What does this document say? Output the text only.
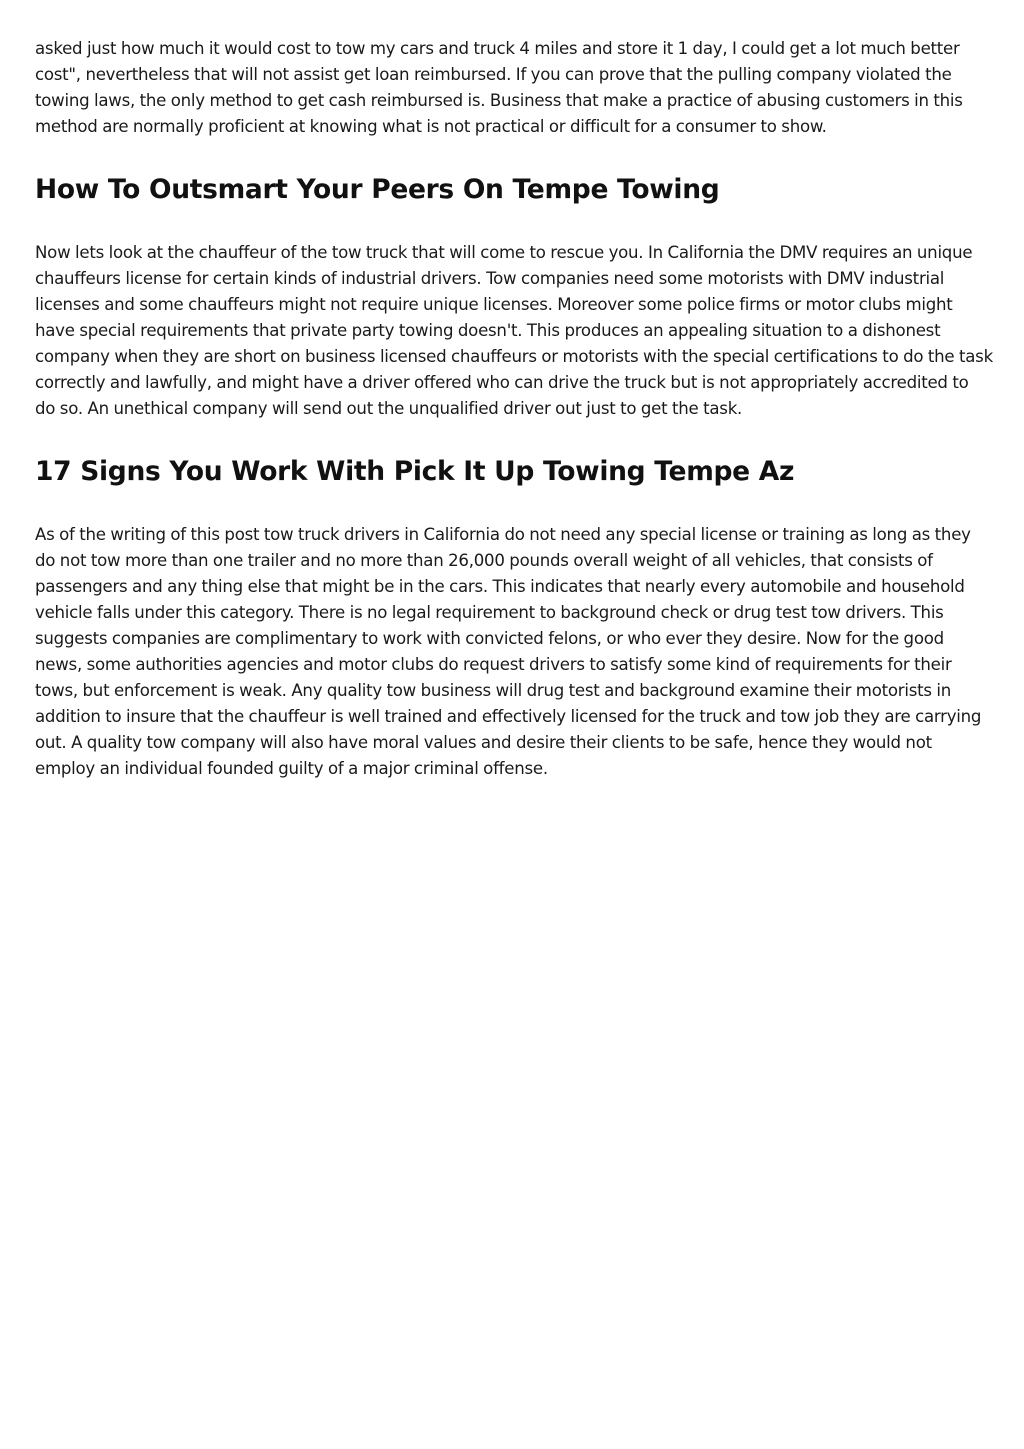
asked just how much it would cost to tow my cars and truck 4 miles and store it 1 day, I could get a lot much better cost", nevertheless that will not assist get loan reimbursed. If you can prove that the pulling company violated the towing laws, the only method to get cash reimbursed is. Business that make a practice of abusing customers in this method are normally proficient at knowing what is not practical or difficult for a consumer to show.

How To Outsmart Your Peers On Tempe Towing

Now lets look at the chauffeur of the tow truck that will come to rescue you. In California the DMV requires an unique chauffeurs license for certain kinds of industrial drivers. Tow companies need some motorists with DMV industrial licenses and some chauffeurs might not require unique licenses. Moreover some police firms or motor clubs might have special requirements that private party towing doesn't. This produces an appealing situation to a dishonest company when they are short on business licensed chauffeurs or motorists with the special certifications to do the task correctly and lawfully, and might have a driver offered who can drive the truck but is not appropriately accredited to do so. An unethical company will send out the unqualified driver out just to get the task.

17 Signs You Work With Pick It Up Towing Tempe Az

As of the writing of this post tow truck drivers in California do not need any special license or training as long as they do not tow more than one trailer and no more than 26,000 pounds overall weight of all vehicles, that consists of passengers and any thing else that might be in the cars. This indicates that nearly every automobile and household vehicle falls under this category. There is no legal requirement to background check or drug test tow drivers. This suggests companies are complimentary to work with convicted felons, or who ever they desire. Now for the good news, some authorities agencies and motor clubs do request drivers to satisfy some kind of requirements for their tows, but enforcement is weak. Any quality tow business will drug test and background examine their motorists in addition to insure that the chauffeur is well trained and effectively licensed for the truck and tow job they are carrying out. A quality tow company will also have moral values and desire their clients to be safe, hence they would not employ an individual founded guilty of a major criminal offense.
